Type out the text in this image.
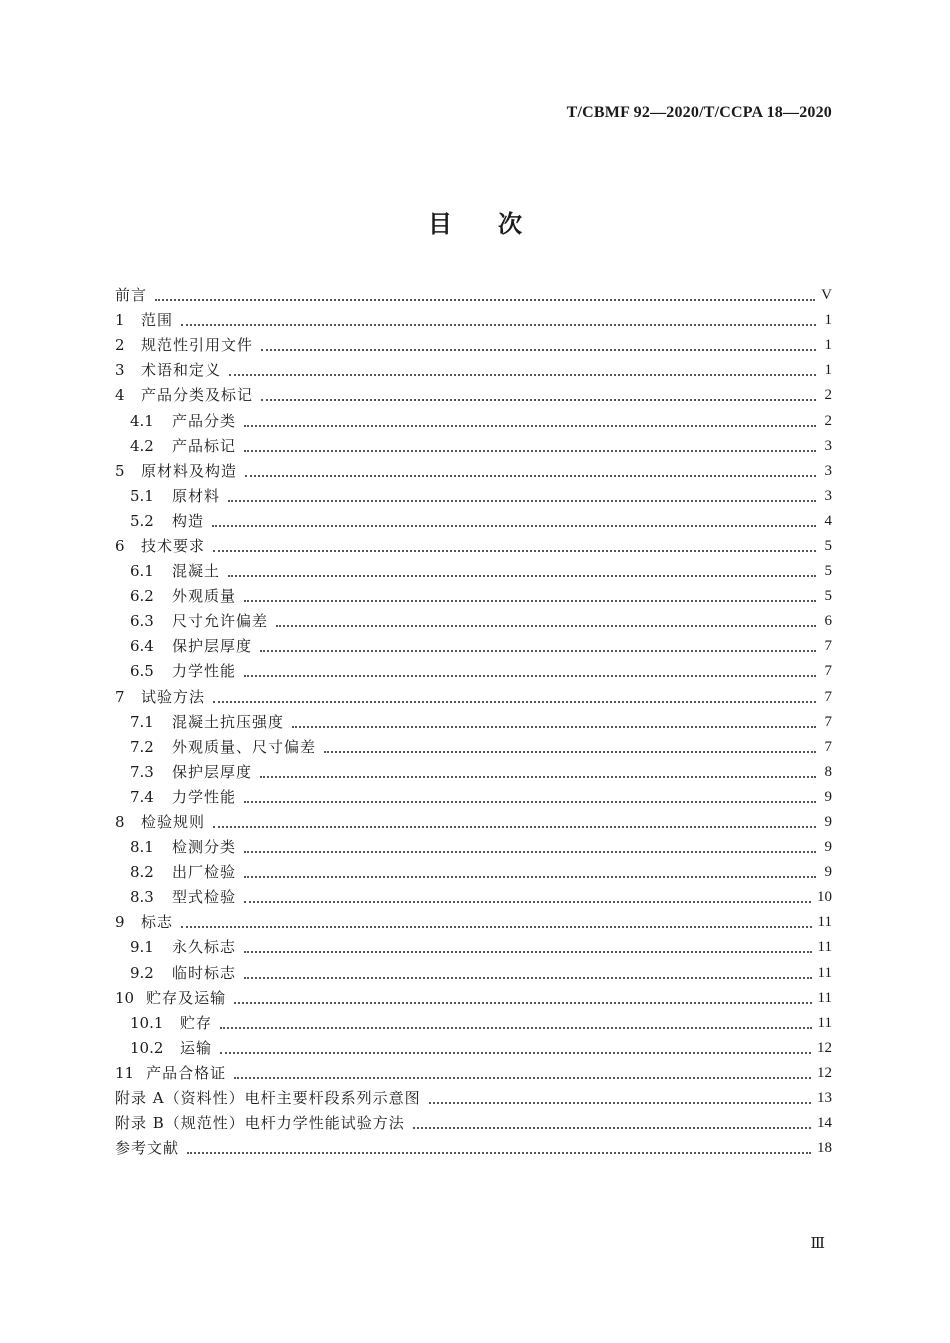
T/CBMF 92—2020/T/CCPA 18—2020
目次
前言	V
1 范围	1
2 规范性引用文件	1
3 术语和定义	1
4 产品分类及标记	2
4.1	产品分类	2
4.2	产品标记	3
5 原材料及构造	3
5.1	原材料	3
5.2	构造	4
6 技术要求	5
6.1	混凝土	5
6.2	外观质量	5
6.3	尺寸允许偏差	6
6.4	保护层厚度	7
6.5	力学性能	7
7 试验方法	7
7.1	混凝土抗压强度	7
7.2	外观质量、尺寸偏差	7
7.3	保护层厚度	8
7.4	力学性能	9
8 检验规则	9
8.1	检测分类	9
8.2	出厂检验	9
8.3	型式检验	10
9 标志	11
9.1	永久标志	11
9.2	临时标志	11
10 贮存及运输	11
10.1	贮存	11
10.2	运输	12
11 产品合格证	12
附录 A（资料性）电杆主要杆段系列示意图	13
附录 B（规范性）电杆力学性能试验方法	14
参考文献	18
Ⅲ
